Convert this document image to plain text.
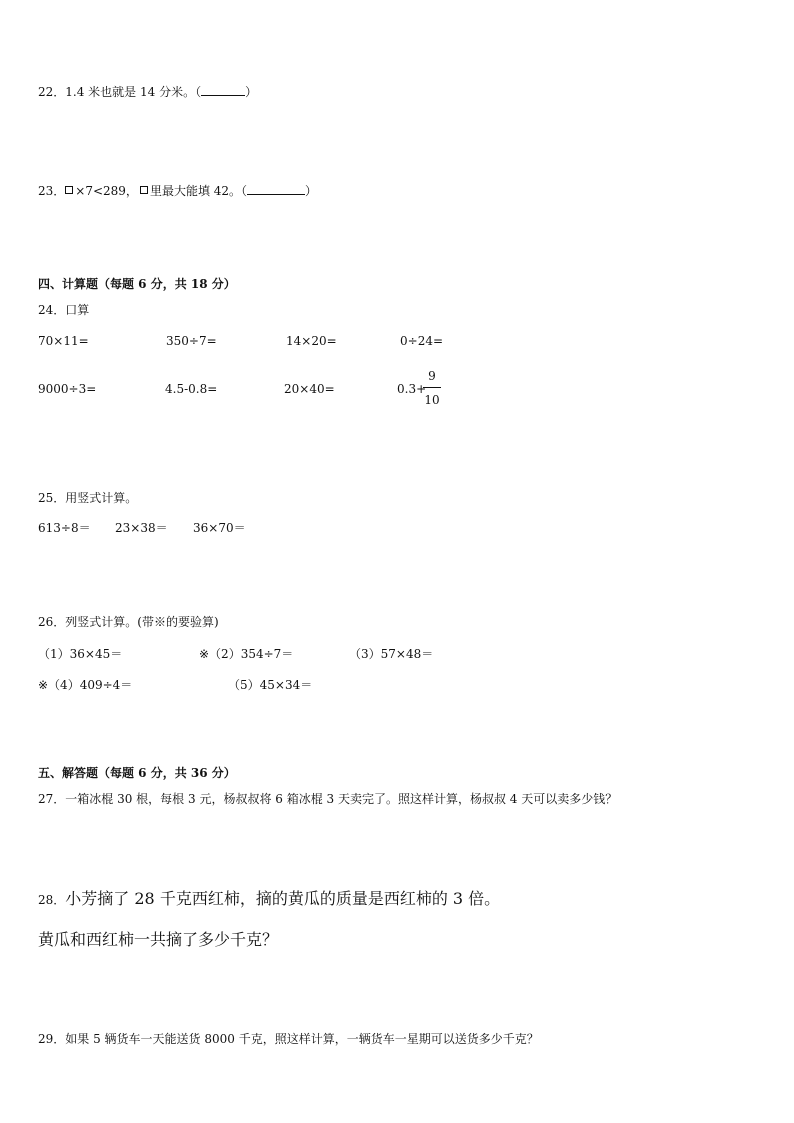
22．1.4 米也就是 14 分米。（	）
23． ×7<289， 里最大能填 42。（	）
四、计算题（每题 6 分，共 18 分）
24．口算
70×11=	350÷7=	14×20=	0÷24=
9000÷3=	4.5-0.8=	20×40=	0.3+
9
10
25．用竖式计算。
613÷8＝ 23×38＝ 36×70＝
26．列竖式计算。(带※的要验算)
（1）36×45＝	※（2）354÷7＝	（3）57×48＝
※（4）409÷4＝	（5）45×34＝
五、解答题（每题 6 分，共 36 分）
27．一箱冰棍 30 根，每根 3 元，杨叔叔将 6 箱冰棍 3 天卖完了。照这样计算，杨叔叔 4 天可以卖多少钱？
28．小芳摘了 28 千克西红柿，摘的黄瓜的质量是西红柿的 3 倍。
黄瓜和西红柿一共摘了多少千克？
29．如果 5 辆货车一天能送货 8000 千克，照这样计算，一辆货车一星期可以送货多少千克？
